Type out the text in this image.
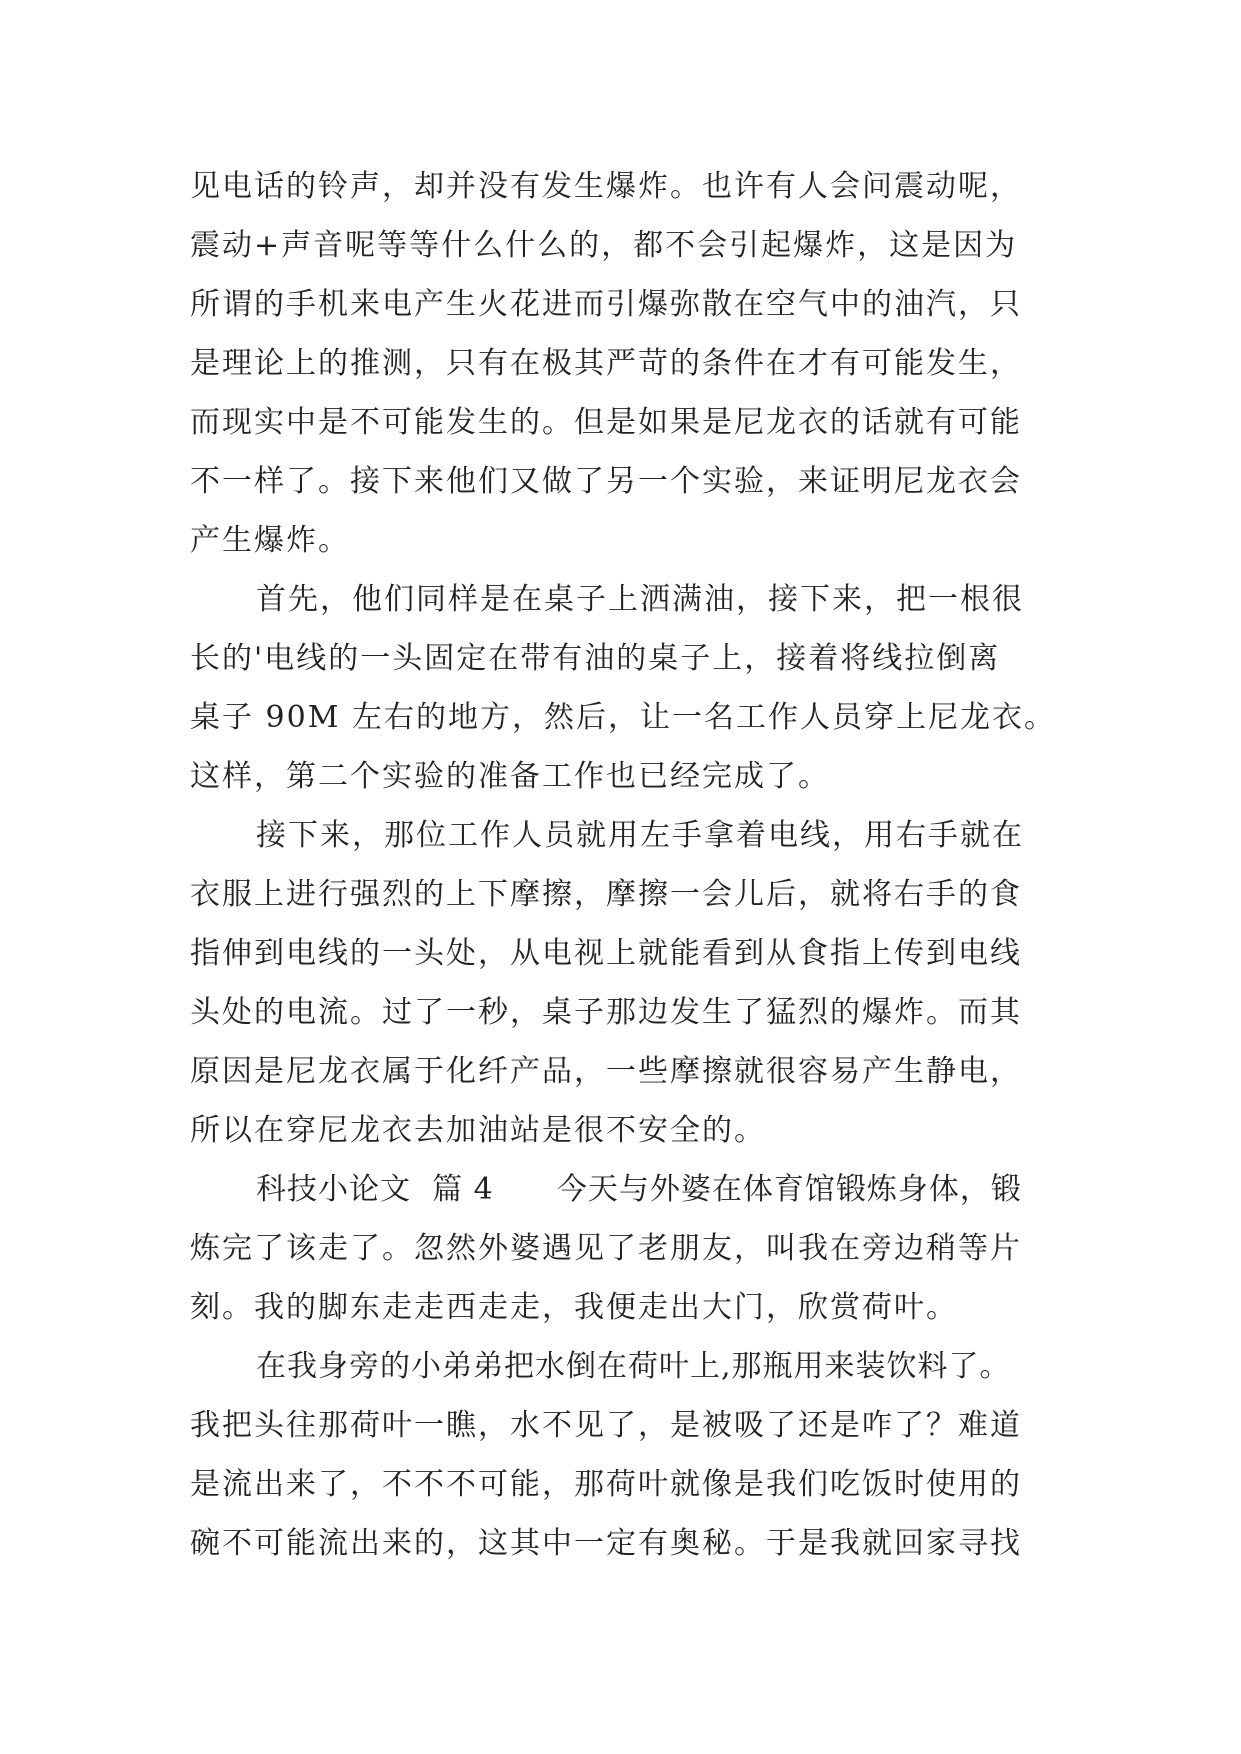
见电话的铃声，却并没有发生爆炸。也许有人会问震动呢，
震动+声音呢等等什么什么的，都不会引起爆炸，这是因为
所谓的手机来电产生火花进而引爆弥散在空气中的油汽，只
是理论上的推测，只有在极其严苛的条件在才有可能发生，
而现实中是不可能发生的。但是如果是尼龙衣的话就有可能
不一样了。接下来他们又做了另一个实验，来证明尼龙衣会
产生爆炸。
首先，他们同样是在桌子上洒满油，接下来，把一根很
长的'电线的一头固定在带有油的桌子上，接着将线拉倒离
桌子 90M 左右的地方，然后，让一名工作人员穿上尼龙衣。
这样，第二个实验的准备工作也已经完成了。
接下来，那位工作人员就用左手拿着电线，用右手就在
衣服上进行强烈的上下摩擦，摩擦一会儿后，就将右手的食
指伸到电线的一头处，从电视上就能看到从食指上传到电线
头处的电流。过了一秒，桌子那边发生了猛烈的爆炸。而其
原因是尼龙衣属于化纤产品，一些摩擦就很容易产生静电，
所以在穿尼龙衣去加油站是很不安全的。
科技小论文  篇 4      今天与外婆在体育馆锻炼身体，锻
炼完了该走了。忽然外婆遇见了老朋友，叫我在旁边稍等片
刻。我的脚东走走西走走，我便走出大门，欣赏荷叶。
在我身旁的小弟弟把水倒在荷叶上,那瓶用来装饮料了。
我把头往那荷叶一瞧，水不见了，是被吸了还是咋了？难道
是流出来了，不不不可能，那荷叶就像是我们吃饭时使用的
碗不可能流出来的，这其中一定有奥秘。于是我就回家寻找
